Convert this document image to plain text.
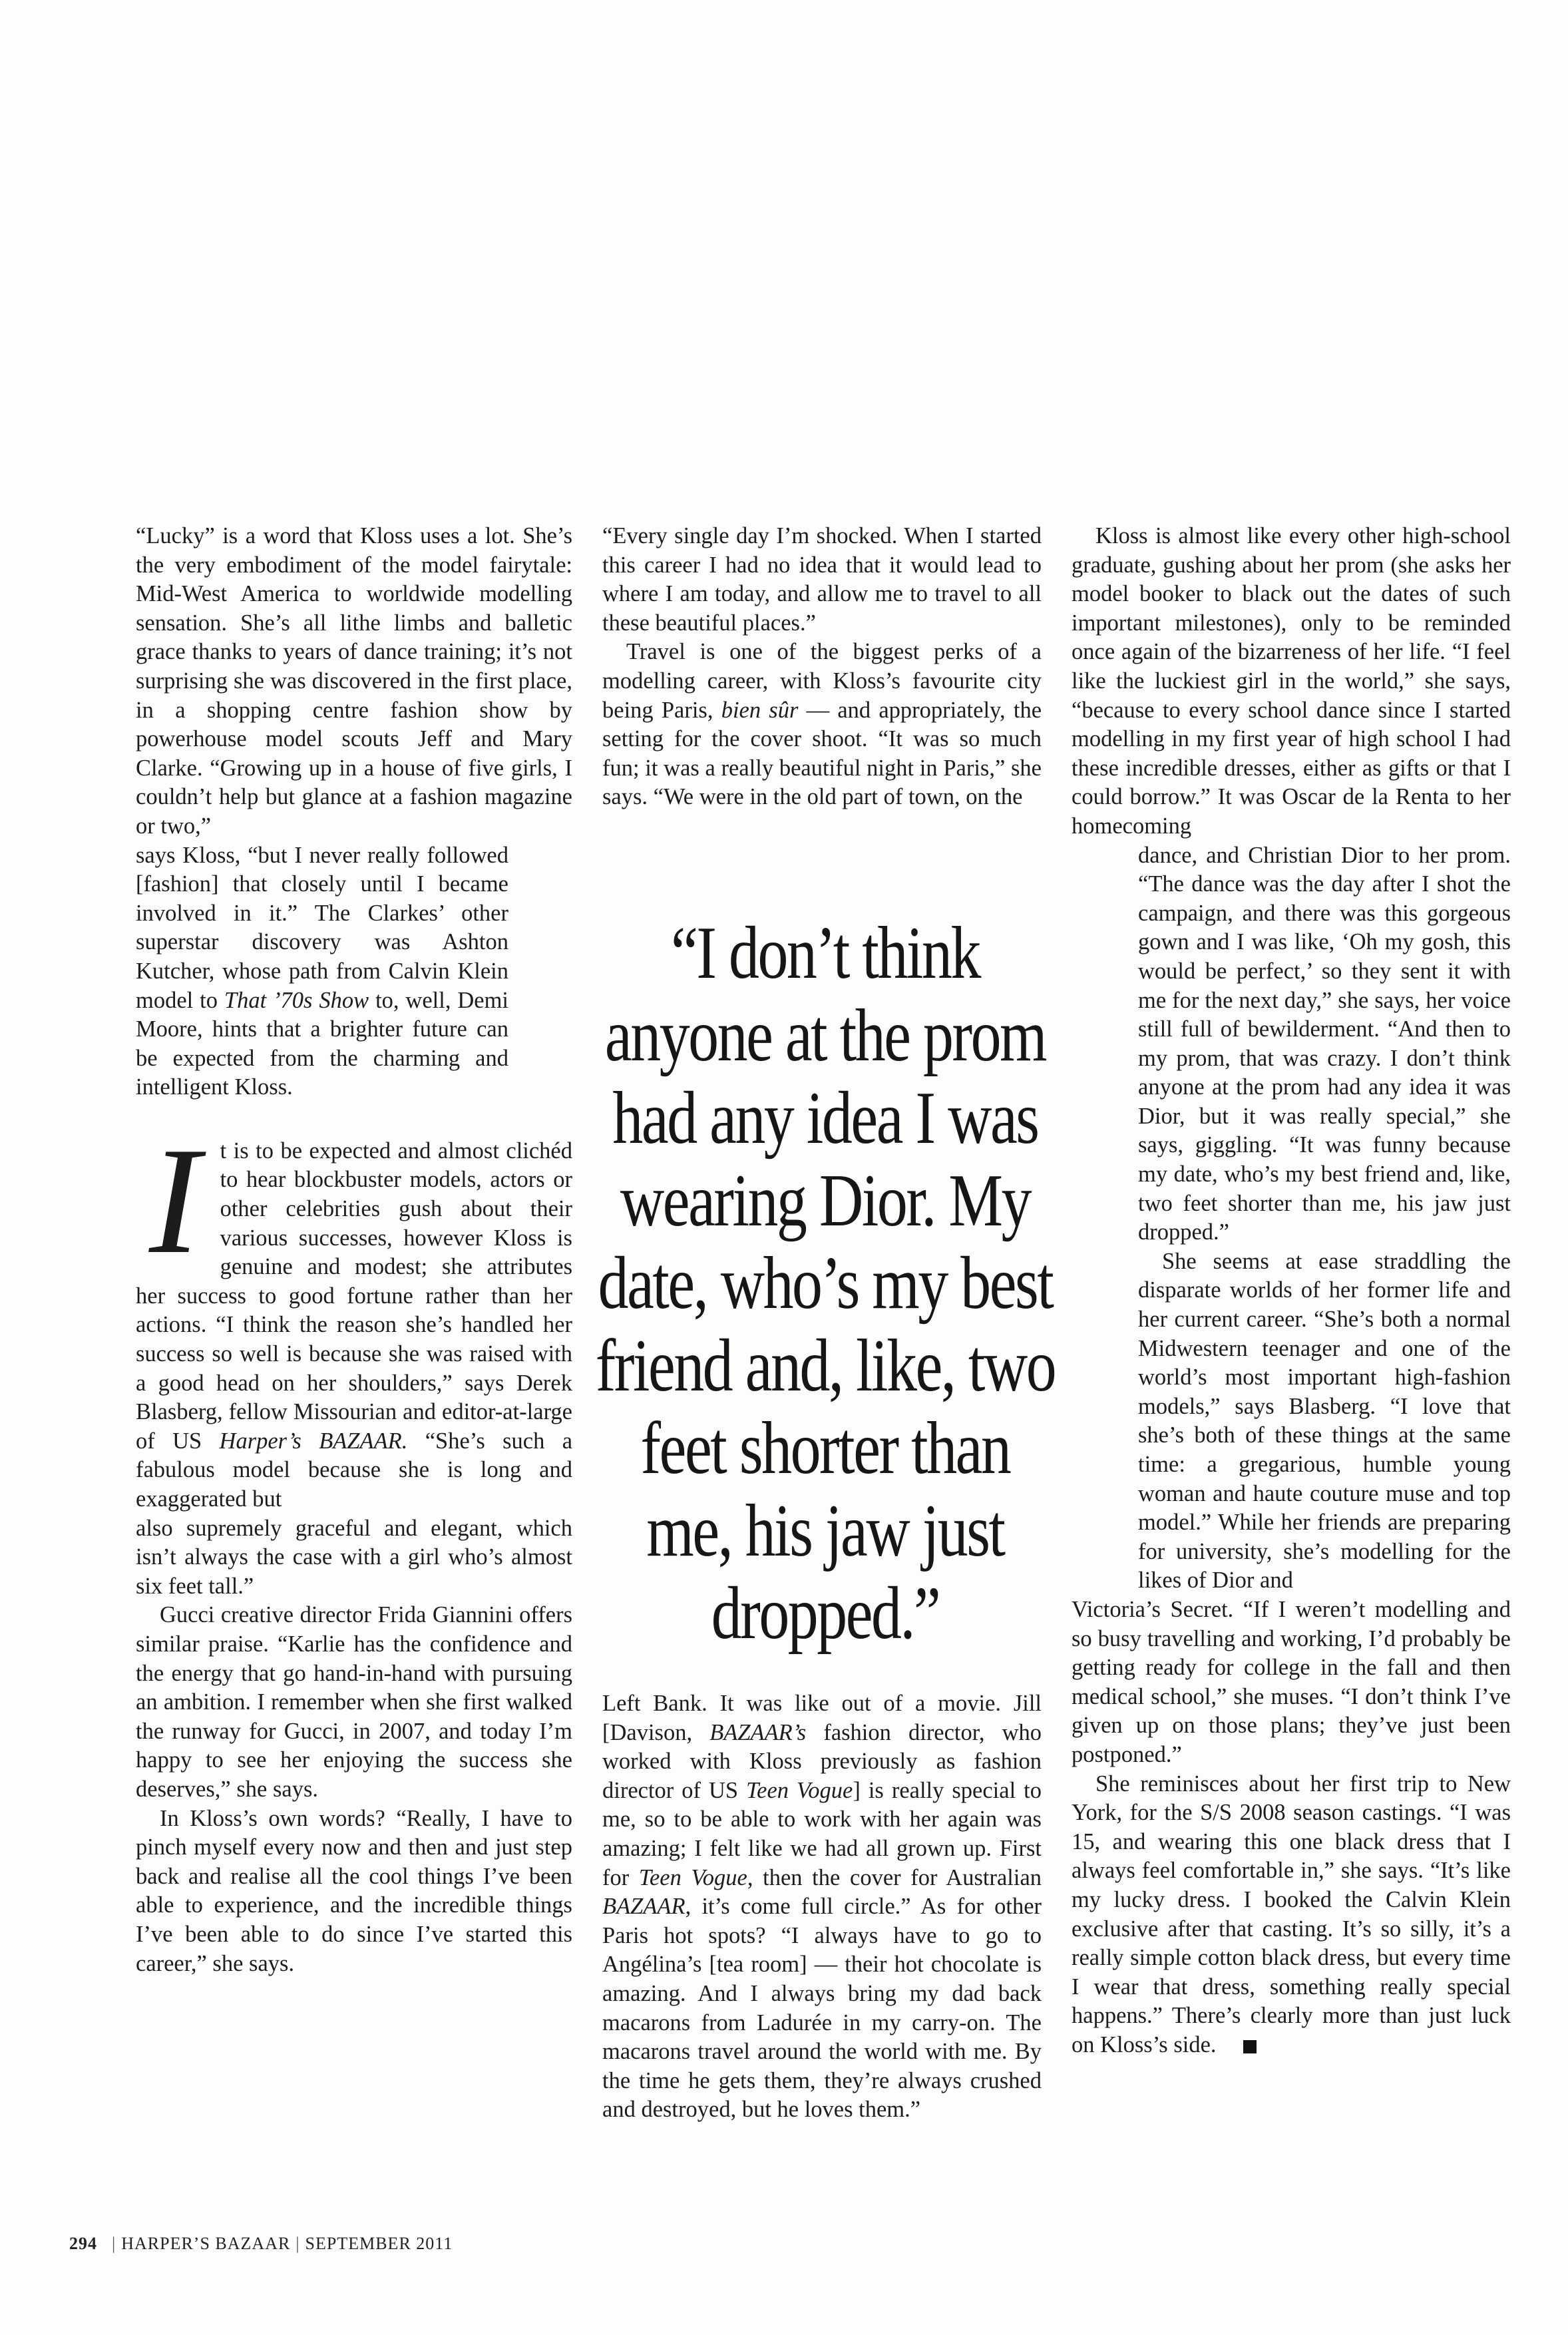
“Lucky” is a word that Kloss uses a lot. She’s the very embodiment of the model fairytale: Mid-West America to worldwide modelling sensation. She’s all lithe limbs and balletic grace thanks to years of dance training; it’s not surprising she was discovered in the first place, in a shopping centre fashion show by powerhouse model scouts Jeff and Mary Clarke. “Growing up in a house of five girls, I couldn’t help but glance at a fashion magazine or two,”

says Kloss, “but I never really followed [fashion] that closely until I became involved in it.” The Clarkes’ other superstar discovery was Ashton Kutcher, whose path from Calvin Klein model to That ’70s Show to, well, Demi Moore, hints that a brighter future can be expected from the charming and intelligent Kloss.
I t is to be expected and almost clichéd to hear blockbuster models, actors or other celebrities gush about their various successes, however Kloss is genuine and modest; she attributes her success to good fortune rather than her actions. “I think the reason she’s handled her success so well is because she was raised with a good head on her shoulders,” says Derek Blasberg, fellow Missourian and editor-at-large of US Harper’s BAZAAR. “She’s such a fabulous model because she is long and exaggerated but

also supremely graceful and elegant, which isn’t always the case with a girl who’s almost six feet tall.”

Gucci creative director Frida Giannini offers similar praise. “Karlie has the confidence and the energy that go hand-in-hand with pursuing an ambition. I remember when she first walked the runway for Gucci, in 2007, and today I’m happy to see her enjoying the success she deserves,” she says.

In Kloss’s own words? “Really, I have to pinch myself every now and then and just step back and realise all the cool things I’ve been able to experience, and the incredible things I’ve been able to do since I’ve started this career,” she says.

“Every single day I’m shocked. When I started this career I had no idea that it would lead to where I am today, and allow me to travel to all these beautiful places.”

Travel is one of the biggest perks of a modelling career, with Kloss’s favourite city being Paris, bien sûr — and appropriately, the setting for the cover shoot. “It was so much fun; it was a really beautiful night in Paris,” she says. “We were in the old part of town, on the

“I don’t think anyone at the prom had any idea I was wearing Dior. My date, who’s my best friend and, like, two feet shorter than me, his jaw just dropped.”

Left Bank. It was like out of a movie. Jill [Davison, BAZAAR’s fashion director, who worked with Kloss previously as fashion director of US Teen Vogue] is really special to me, so to be able to work with her again was amazing; I felt like we had all grown up. First for Teen Vogue, then the cover for Australian BAZAAR, it’s come full circle.” As for other Paris hot spots? “I always have to go to Angélina’s [tea room] — their hot chocolate is amazing. And I always bring my dad back macarons from Ladurée in my carry-on. The macarons travel around the world with me. By the time he gets them, they’re always crushed and destroyed, but he loves them.”

Kloss is almost like every other high-school graduate, gushing about her prom (she asks her model booker to black out the dates of such important milestones), only to be reminded once again of the bizarreness of her life. “I feel like the luckiest girl in the world,” she says, “because to every school dance since I started modelling in my first year of high school I had these incredible dresses, either as gifts or that I could borrow.” It was Oscar de la Renta to her homecoming

dance, and Christian Dior to her prom. “The dance was the day after I shot the campaign, and there was this gorgeous gown and I was like, ‘Oh my gosh, this would be perfect,’ so they sent it with me for the next day,” she says, her voice still full of bewilderment. “And then to my prom, that was crazy. I don’t think anyone at the prom had any idea it was Dior, but it was really special,” she says, giggling. “It was funny because my date, who’s my best friend and, like, two feet shorter than me, his jaw just dropped.”

She seems at ease straddling the disparate worlds of her former life and her current career. “She’s both a normal Midwestern teenager and one of the world’s most important high-fashion models,” says Blasberg. “I love that she’s both of these things at the same time: a gregarious, humble young woman and haute couture muse and top model.” While her friends are preparing for university, she’s modelling for the likes of Dior and

Victoria’s Secret. “If I weren’t modelling and so busy travelling and working, I’d probably be getting ready for college in the fall and then medical school,” she muses. “I don’t think I’ve given up on those plans; they’ve just been postponed.”

She reminisces about her first trip to New York, for the S/S 2008 season castings. “I was 15, and wearing this one black dress that I always feel comfortable in,” she says. “It’s like my lucky dress. I booked the Calvin Klein exclusive after that casting. It’s so silly, it’s a really simple cotton black dress, but every time I wear that dress, something really special happens.” There’s clearly more than just luck on Kloss’s side.

294 | HARPER’S BAZAAR | SEPTEMBER 2011
